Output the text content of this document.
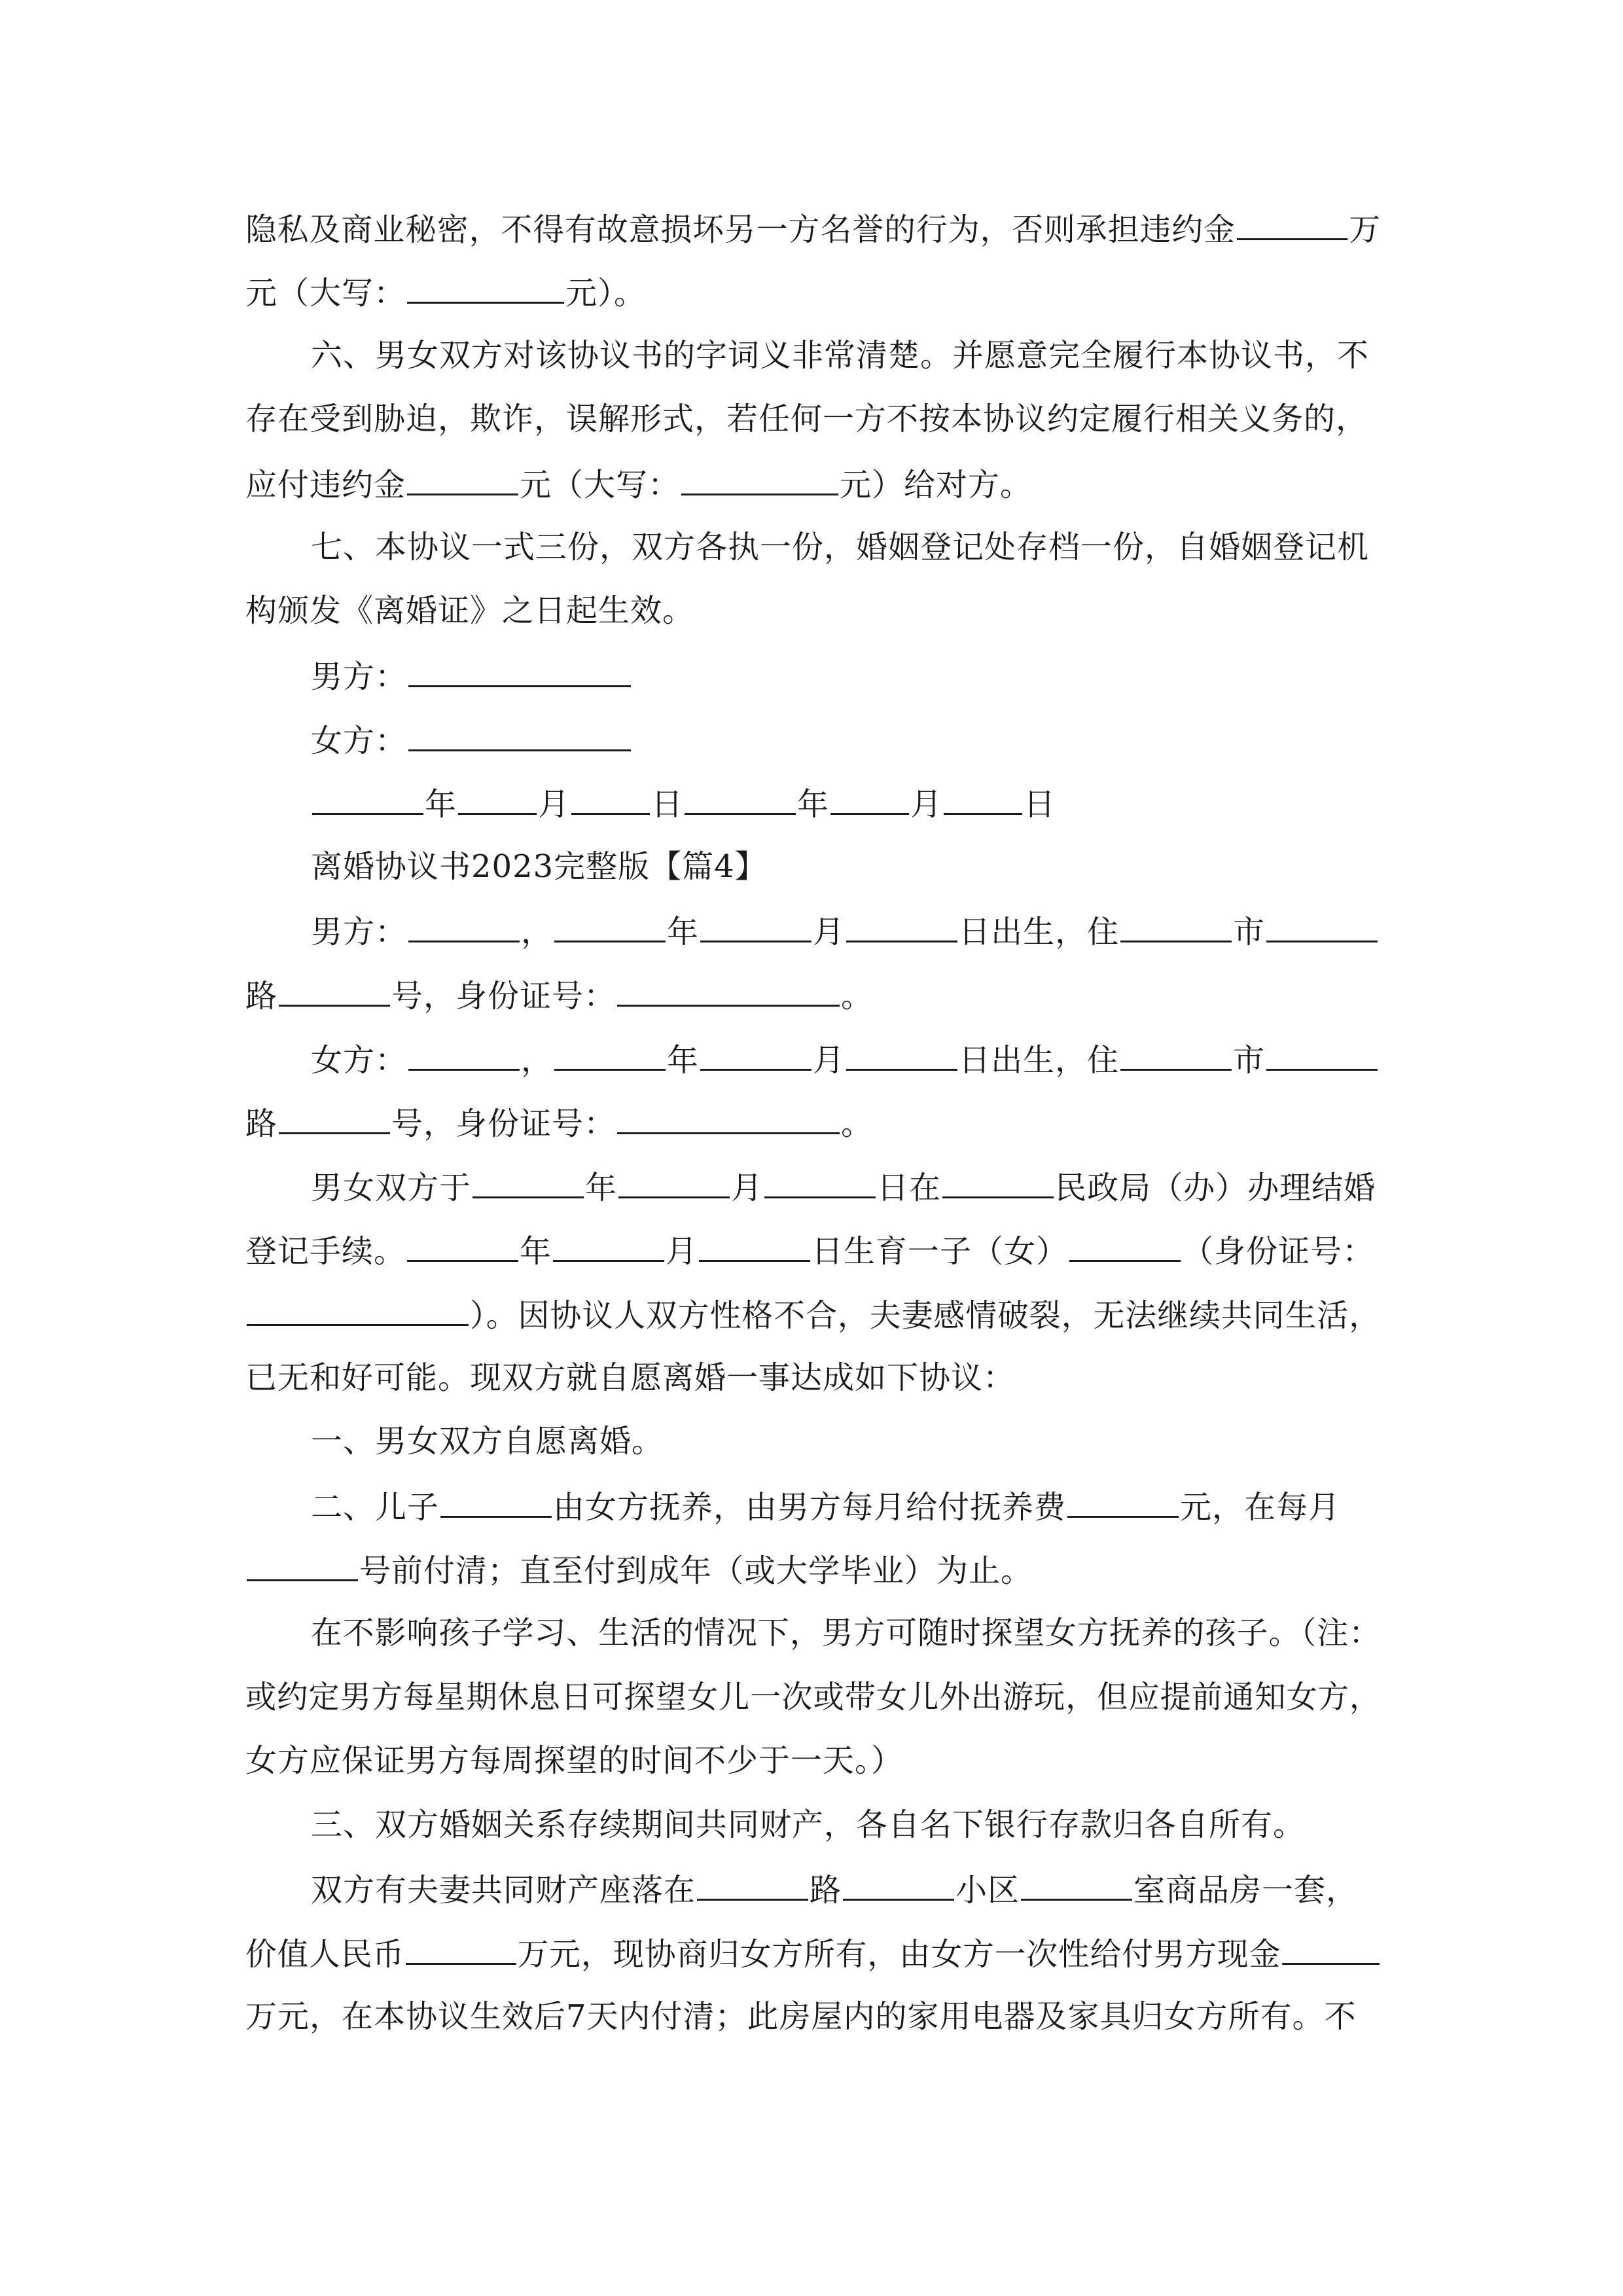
隐私及商业秘密，不得有故意损坏另一方名誉的行为，否则承担违约金	万
元（大写：	元）。
六、男女双方对该协议书的字词义非常清楚。并愿意完全履行本协议书，不
存在受到胁迫，欺诈，误解形式，若任何一方不按本协议约定履行相关义务的，
应付违约金	元（大写：	元）给对方。
七、本协议一式三份，双方各执一份，婚姻登记处存档一份，自婚姻登记机
构颁发《离婚证》之日起生效。
男方：
女方：
年	月	日	年	月	日
离婚协议书2023完整版【篇4】
男方：	，	年	月	日出生，住	市
路	号，身份证号：	。
女方：	，	年	月	日出生，住	市
路	号，身份证号：	。
男女双方于	年	月	日在	民政局（办）办理结婚
登记手续。	年	月	日生育一子（女）	（身份证号：
）。因协议人双方性格不合，夫妻感情破裂，无法继续共同生活，
已无和好可能。现双方就自愿离婚一事达成如下协议：
一、男女双方自愿离婚。
二、儿子	由女方抚养，由男方每月给付抚养费	元，在每月
号前付清；直至付到成年（或大学毕业）为止。
在不影响孩子学习、生活的情况下，男方可随时探望女方抚养的孩子。（注：
或约定男方每星期休息日可探望女儿一次或带女儿外出游玩，但应提前通知女方，
女方应保证男方每周探望的时间不少于一天。）
三、双方婚姻关系存续期间共同财产，各自名下银行存款归各自所有。
双方有夫妻共同财产座落在	路	小区	室商品房一套，
价值人民币	万元，现协商归女方所有，由女方一次性给付男方现金
万元，在本协议生效后7天内付清；此房屋内的家用电器及家具归女方所有。不
